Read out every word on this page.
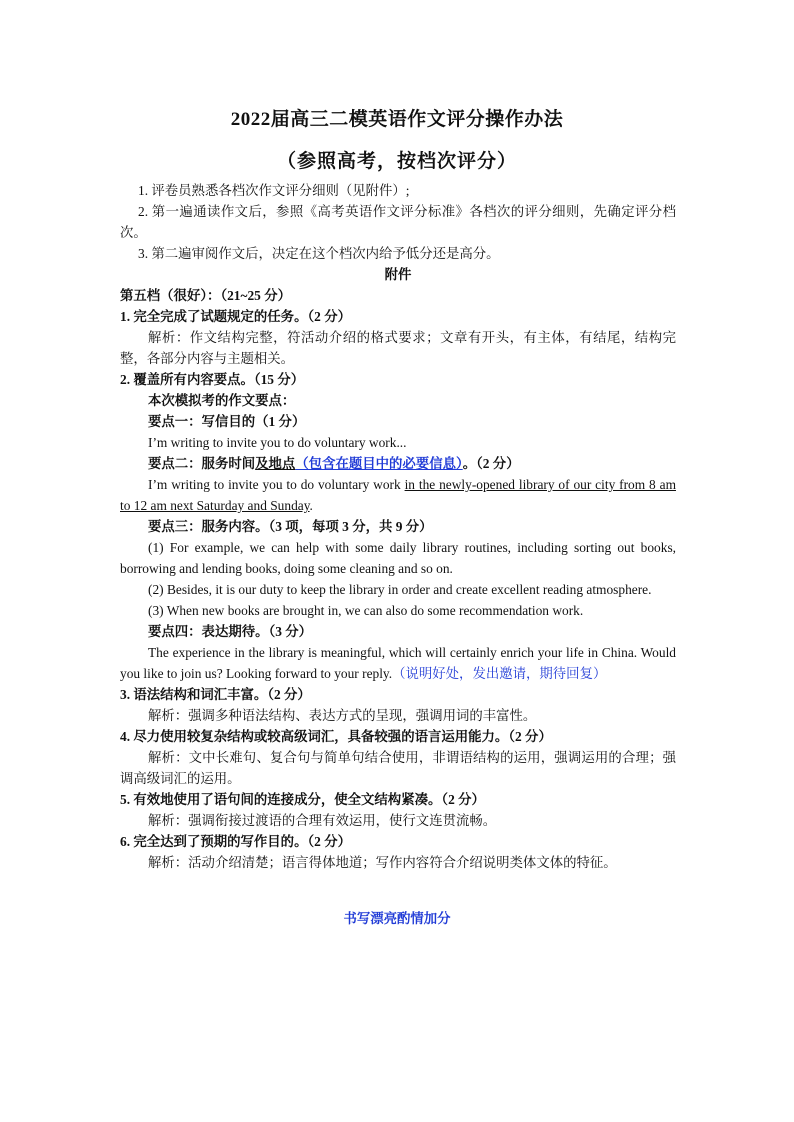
2022届高三二模英语作文评分操作办法
（参照高考，按档次评分）

1. 评卷员熟悉各档次作文评分细则（见附件）;

2. 第一遍通读作文后，参照《高考英语作文评分标准》各档次的评分细则，先确定评分档次。

3. 第二遍审阅作文后，决定在这个档次内给予低分还是高分。

附件

第五档（很好）：（21~25 分）

1. 完全完成了试题规定的任务。（2 分）

解析：作文结构完整，符活动介绍的格式要求；文章有开头，有主体，有结尾，结构完整，各部分内容与主题相关。

2. 覆盖所有内容要点。（15 分）

本次模拟考的作文要点：

要点一：写信目的（1 分）

I’m writing to invite you to do voluntary work...

要点二：服务时间及地点（包含在题目中的必要信息）。（2 分）

I’m writing to invite you to do voluntary work in the newly-opened library of our city from 8 am to 12 am next Saturday and Sunday.

要点三：服务内容。（3 项，每项 3 分，共 9 分）

(1) For example, we can help with some daily library routines, including sorting out books, borrowing and lending books, doing some cleaning and so on.

(2) Besides, it is our duty to keep the library in order and create excellent reading atmosphere.

(3) When new books are brought in, we can also do some recommendation work.

要点四：表达期待。（3 分）

The experience in the library is meaningful, which will certainly enrich your life in China. Would you like to join us? Looking forward to your reply.（说明好处，发出邀请，期待回复）

3. 语法结构和词汇丰富。（2 分）

解析：强调多种语法结构、表达方式的呈现，强调用词的丰富性。

4. 尽力使用较复杂结构或较高级词汇，具备较强的语言运用能力。（2 分）

解析：文中长难句、复合句与简单句结合使用，非谓语结构的运用，强调运用的合理；强调高级词汇的运用。

5. 有效地使用了语句间的连接成分，使全文结构紧凑。（2 分）

解析：强调衔接过渡语的合理有效运用，使行文连贯流畅。

6. 完全达到了预期的写作目的。（2 分）

解析：活动介绍清楚；语言得体地道；写作内容符合介绍说明类体文体的特征。

书写漂亮酌情加分
